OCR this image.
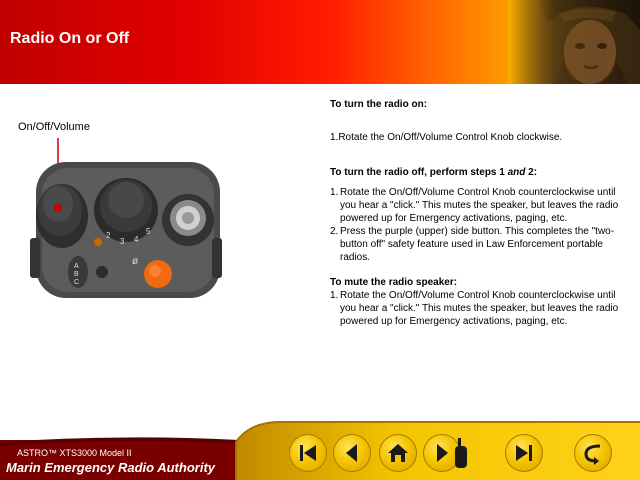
Radio On or Off
On/Off/Volume
2
3 4
5
A
B
C
ø

To turn the radio on:

1.Rotate the On/Off/Volume Control Knob clockwise.

To turn the radio off, perform steps 1 and 2:

1. Rotate the On/Off/Volume Control Knob counterclockwise until you hear a "click." This mutes the speaker, but leaves the radio powered up for Emergency activations, paging, etc.
2. Press the purple (upper) side button. This completes the "two-button off" safety feature used in Law Enforcement portable radios.

To mute the radio speaker:

1. Rotate the On/Off/Volume Control Knob counterclockwise until you hear a "click." This mutes the speaker, but leaves the radio powered up for Emergency activations, paging, etc.
ASTRO™ XTS3000 Model II
Marin Emergency Radio Authority
